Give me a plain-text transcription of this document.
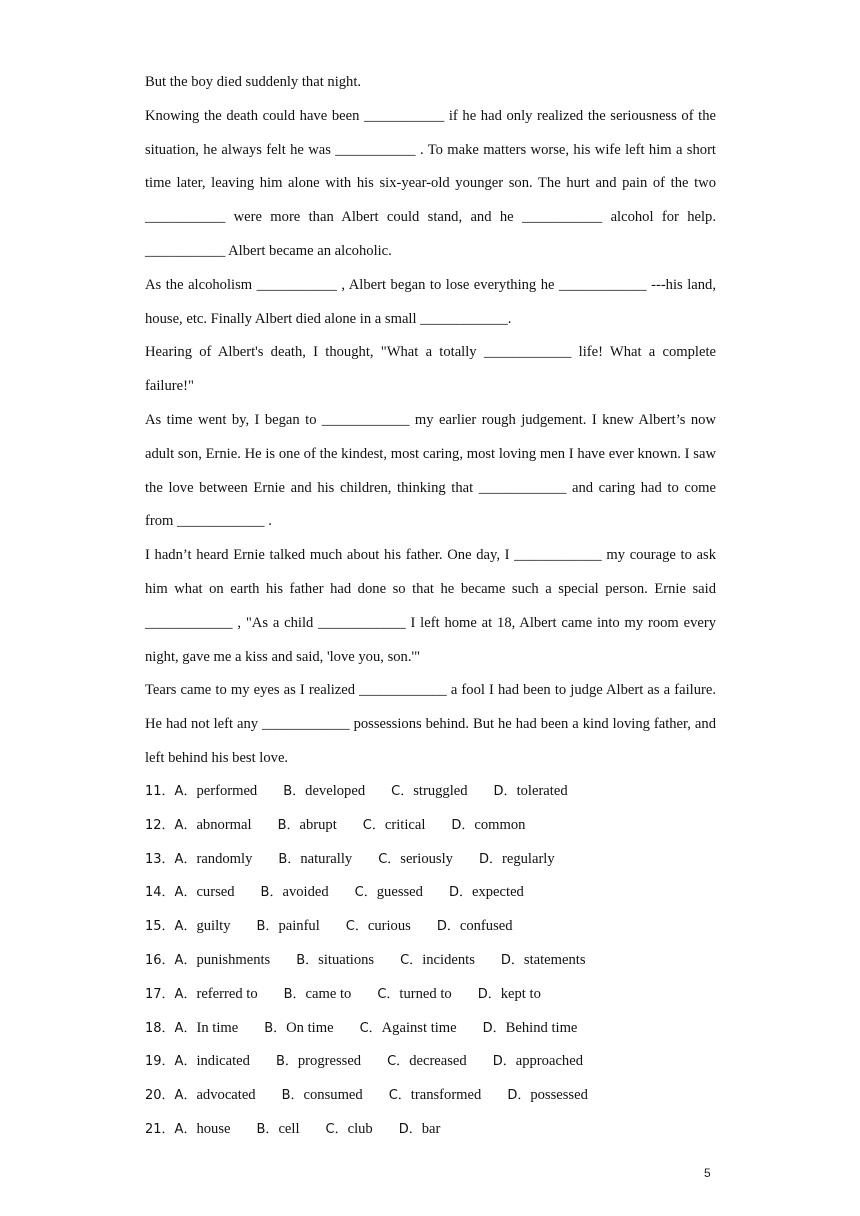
But the boy died suddenly that night.

Knowing the death could have been ___________ if he had only realized the seriousness of the situation, he always felt he was ___________ . To make matters worse, his wife left him a short time later, leaving him alone with his six-year-old younger son. The hurt and pain of the two ___________ were more than Albert could stand, and he ___________ alcohol for help. ___________ Albert became an alcoholic.

As the alcoholism ___________ , Albert began to lose everything he ____________ ---his land, house, etc. Finally Albert died alone in a small ____________.

Hearing of Albert's death, I thought, "What a totally ____________ life! What a complete failure!"

As time went by, I began to ____________ my earlier rough judgement. I knew Albert’s now adult son, Ernie. He is one of the kindest, most caring, most loving men I have ever known. I saw the love between Ernie and his children, thinking that ____________ and caring had to come from ____________ .

I hadn’t heard Ernie talked much about his father. One day, I ____________ my courage to ask him what on earth his father had done so that he became such a special person. Ernie said ____________ , "As a child ____________ I left home at 18, Albert came into my room every night, gave me a kiss and said, 'love you, son.'"

Tears came to my eyes as I realized ____________ a fool I had been to judge Albert as a failure. He had not left any ____________ possessions behind. But he had been a kind loving father, and left behind his best love.

11．A．performed B．developed C．struggled D．tolerated
12．A．abnormal B．abrupt C．critical D．common
13．A．randomly B．naturally C．seriously D．regularly
14．A．cursed B．avoided C．guessed D．expected
15．A．guilty B．painful C．curious D．confused
16．A．punishments B．situations C．incidents D．statements
17．A．referred to B．came to C．turned to D．kept to
18．A．In time B．On time C．Against time D．Behind time
19．A．indicated B．progressed C．decreased D．approached
20．A．advocated B．consumed C．transformed D．possessed
21．A．house B．cell C．club D．bar
5
